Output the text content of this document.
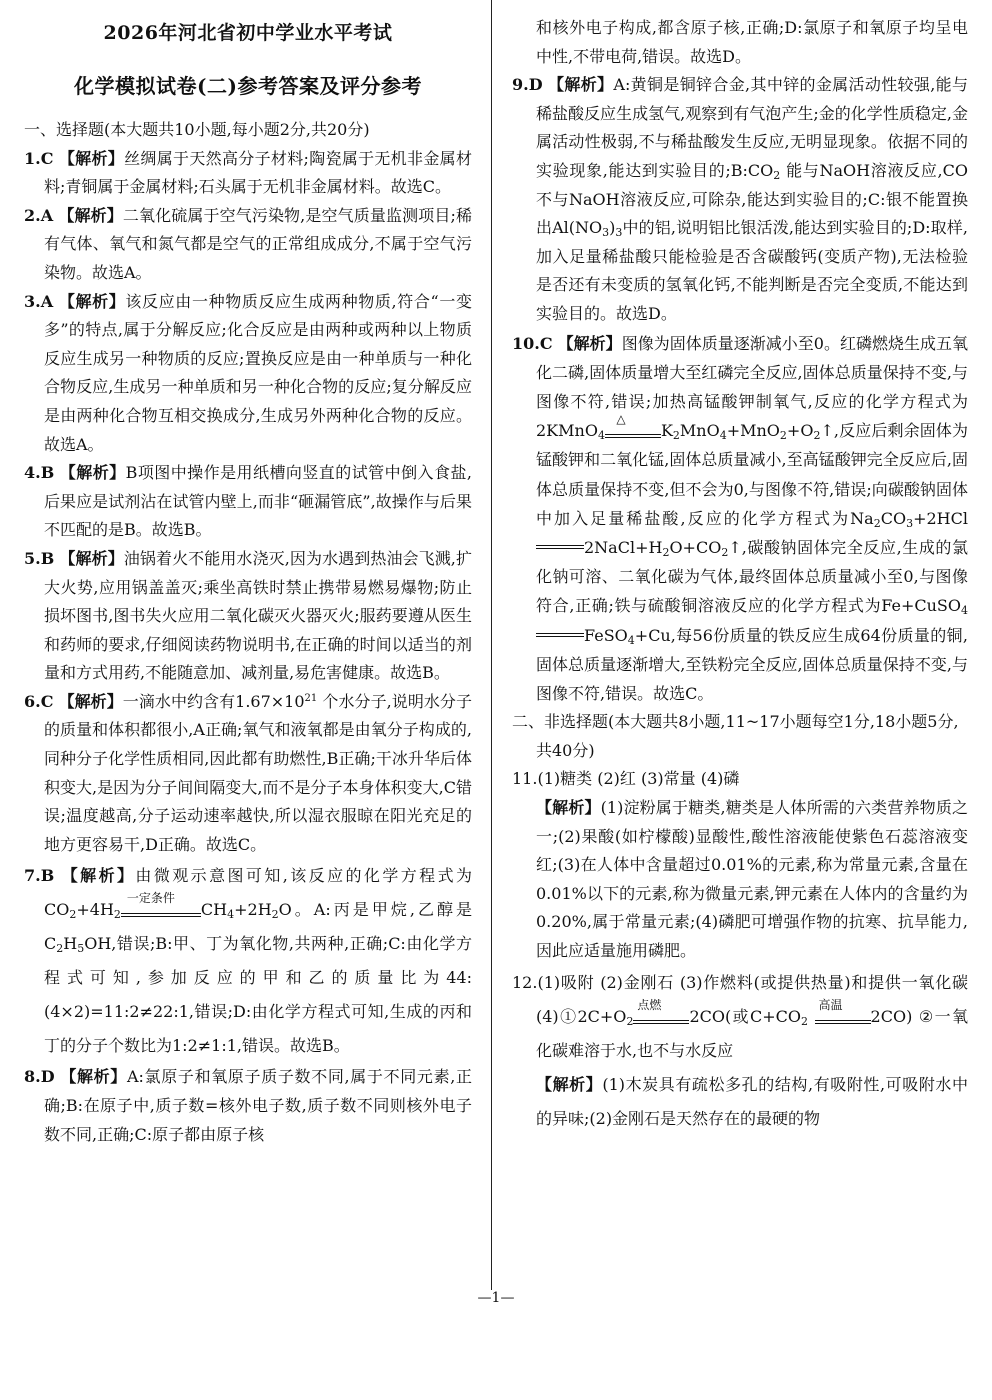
2026年河北省初中学业水平考试
化学模拟试卷(二)参考答案及评分参考
一、选择题(本大题共10小题,每小题2分,共20分)
1.C 【解析】丝绸属于天然高分子材料;陶瓷属于无机非金属材料;青铜属于金属材料;石头属于无机非金属材料。故选C。
2.A 【解析】二氧化硫属于空气污染物,是空气质量监测项目;稀有气体、氧气和氮气都是空气的正常组成成分,不属于空气污染物。故选A。
3.A 【解析】该反应由一种物质反应生成两种物质,符合“一变多”的特点,属于分解反应;化合反应是由两种或两种以上物质反应生成另一种物质的反应;置换反应是由一种单质与一种化合物反应,生成另一种单质和另一种化合物的反应;复分解反应是由两种化合物互相交换成分,生成另外两种化合物的反应。故选A。
4.B 【解析】B项图中操作是用纸槽向竖直的试管中倒入食盐,后果应是试剂沾在试管内壁上,而非“砸漏管底”,故操作与后果不匹配的是B。故选B。
5.B 【解析】油锅着火不能用水浇灭,因为水遇到热油会飞溅,扩大火势,应用锅盖盖灭;乘坐高铁时禁止携带易燃易爆物;防止损坏图书,图书失火应用二氧化碳灭火器灭火;服药要遵从医生和药师的要求,仔细阅读药物说明书,在正确的时间以适当的剂量和方式用药,不能随意加、减剂量,易危害健康。故选B。
6.C 【解析】一滴水中约含有$1.67\times 10^{21}$ 个水分子,说明水分子的质量和体积都很小,A正确;氧气和液氧都是由氧分子构成的,同种分子化学性质相同,因此都有助燃性,B正确;干冰升华后体积变大,是因为分子间间隔变大,而不是分子本身体积变大,C错误;温度越高,分子运动速率越快,所以湿衣服晾在阳光充足的地方更容易干,D正确。故选C。
7.B 【解析】由微观示意图可知,该反应的化学方程式为$CO_2+4H_2$
一定条件
$CH_4+2H_2O$。A:丙是甲烷,乙醇是$C_2H_5OH$,错误;B:甲、丁为氧化物,共两种,正确;C:由化学方程式可知,参加反应的甲和乙的质量比为44:(4×2)=11:2≠22:1,错误;D:由化学方程式可知,生成的丙和丁的分子个数比为1:2≠1:1,错误。故选B。
8.D 【解析】A:氯原子和氧原子质子数不同,属于不同元素,正确;B:在原子中,质子数=核外电子数,质子数不同则核外电子数不同,正确;C:原子都由原子核
和核外电子构成,都含原子核,正确;D:氯原子和氧原子均呈电中性,不带电荷,错误。故选D。
9.D 【解析】A:黄铜是铜锌合金,其中锌的金属活动性较强,能与稀盐酸反应生成氢气,观察到有气泡产生;金的化学性质稳定,金属活动性极弱,不与稀盐酸发生反应,无明显现象。依据不同的实验现象,能达到实验目的$;B:CO_2$ 能与NaOH溶液反应,CO不与NaOH溶液反应,可除杂,能达到实验目的;C:银不能置换出$Al(NO_3)_3$中的铝,说明铝比银活泼,能达到实验目的;D:取样,加入足量稀盐酸只能检验是否含碳酸钙(变质产物),无法检验是否还有未变质的氢氧化钙,不能判断是否完全变质,不能达到实验目的。故选D。
10.C 【解析】图像为固体质量逐渐减小至0。红磷燃烧生成五氧化二磷,固体质量增大至红磷完全反应,固体总质量保持不变,与图像不符,错误;加热高锰酸钾制氧气,反应的化学方程式为2KMnO$_4$
△
$K_2MnO_4+MnO_2+O_2↑$,反应后剩余固体为锰酸钾和二氧化锰,固体总质量减小,至高锰酸钾完全反应后,固体总质量保持不变,但不会为0,与图像不符,错误;向碳酸钠固体中加入足量稀盐酸,反应的化学方程式为$Na_2CO_3+2HCl2NaCl+H_2O+CO_2↑$,碳酸钠固体完全反应,生成的氯化钠可溶、二氧化碳为气体,最终固体总质量减小至0,与图像符合,正确;铁与硫酸铜溶液反应的化学方程式为Fe+CuSO$_4$FeSO$_4$+Cu,每56份质量的铁反应生成64份质量的铜,固体总质量逐渐增大,至铁粉完全反应,固体总质量保持不变,与图像不符,错误。故选C。
二、非选择题(本大题共8小题,11~17小题每空1分,18小题5分,共40分)
11.(1)糖类 (2)红 (3)常量 (4)磷
【解析】(1)淀粉属于糖类,糖类是人体所需的六类营养物质之一;(2)果酸(如柠檬酸)显酸性,酸性溶液能使紫色石蕊溶液变红;(3)在人体中含量超过0.01%的元素,称为常量元素,含量在0.01%以下的元素,称为微量元素,钾元素在人体内的含量约为0.20%,属于常量元素;(4)磷肥可增强作物的抗寒、抗旱能力,因此应适量施用磷肥。
12.(1)吸附 (2)金刚石 (3)作燃料(或提供热量)和提供一氧化碳 $(4)①2C+O_2$
点燃
2CO(或$C+CO_2$
高温
2CO) ②一氧化碳难溶于水,也不与水反应
【解析】(1)木炭具有疏松多孔的结构,有吸附性,可吸附水中的异味;(2)金刚石是天然存在的最硬的物
—1—
